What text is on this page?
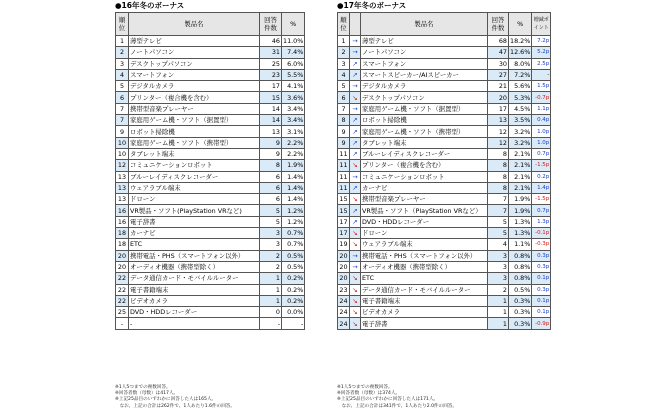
●16年冬のボーナス
順位	製品名	回答件数	%
1	薄型テレビ	46	11.0%
2	ノートパソコン	31	7.4%
3	デスクトップパソコン	25	6.0%
4	スマートフォン	23	5.5%
5	デジタルカメラ	17	4.1%
6	プリンター（複合機を含む）	15	3.6%
7	携帯型音楽プレーヤー	14	3.4%
7	家庭用ゲーム機・ソフト（据置型）	14	3.4%
9	ロボット掃除機	13	3.1%
10	家庭用ゲーム機・ソフト（携帯型）	9	2.2%
10	タブレット端末	9	2.2%
12	コミュニケーションロボット	8	1.9%
13	ブルーレイディスクレコーダー	6	1.4%
13	ウェアラブル端末	6	1.4%
13	ドローン	6	1.4%
16	VR製品・ソフト(PlayStation VRなど)	5	1.2%
16	電子辞書	5	1.2%
18	カーナビ	3	0.7%
18	ETC	3	0.7%
20	携帯電話・PHS（スマートフォン以外）	2	0.5%
20	オーディオ機器（携帯型除く）	2	0.5%
22	データ通信カード・モバイルルーター	1	0.2%
22	電子書籍端末	1	0.2%
22	ビデオカメラ	1	0.2%
25	DVD・HDDレコーダー	0	0.0%
-	-	-	-
●17年冬のボーナス
順位		製品名	回答件数	%	増減ポイント
1	→	薄型テレビ	68	18.2%	7.2p
2	→	ノートパソコン	47	12.6%	5.2p
3	↗	スマートフォン	30	8.0%	2.5p
4	↗	スマートスピーカー/AIスピーカー	27	7.2%	-
5	→	デジタルカメラ	21	5.6%	1.5p
6	↘	デスクトップパソコン	20	5.3%	-0.7p
7	→	家庭用ゲーム機・ソフト（据置型）	17	4.5%	1.1p
8	↗	ロボット掃除機	13	3.5%	0.4p
9	↗	家庭用ゲーム機・ソフト（携帯型）	12	3.2%	1.0p
9	↗	タブレット端末	12	3.2%	1.0p
11	↗	ブルーレイディスクレコーダー	8	2.1%	0.7p
11	↘	プリンター（複合機を含む）	8	2.1%	-1.5p
11	→	コミュニケーションロボット	8	2.1%	0.2p
11	↗	カーナビ	8	2.1%	1.4p
15	↘	携帯型音楽プレーヤー	7	1.9%	-1.5p
15	↗	VR製品・ソフト（PlayStation VRなど）	7	1.9%	0.7p
17	↗	DVD・HDDレコーダー	5	1.3%	1.3p
17	↘	ドローン	5	1.3%	-0.1p
19	↘	ウェアラブル端末	4	1.1%	-0.3p
20	→	携帯電話・PHS（スマートフォン以外）	3	0.8%	0.3p
20	→	オーディオ機器（携帯型除く）	3	0.8%	0.3p
20	↘	ETC	3	0.8%	0.1p
23	↘	データ通信カード・モバイルルーター	2	0.5%	0.3p
24	↘	電子書籍端末	1	0.3%	0.1p
24	↘	ビデオカメラ	1	0.3%	0.1p
24	↘	電子辞書	1	0.3%	-0.9p
※1人5つまでの複数回答。
※回答者数（母数）は417人。
※上記25品目のいずれかに回答した人は165人。
　なお、上記の合計は262件で、1人あたり1.6件の回答。
※1人5つまでの複数回答。
※回答者数（母数）は374人。
※上記25品目のいずれかに回答した人は171人。
　なお、上記の合計は341件で、1人あたり2.0件の回答。
